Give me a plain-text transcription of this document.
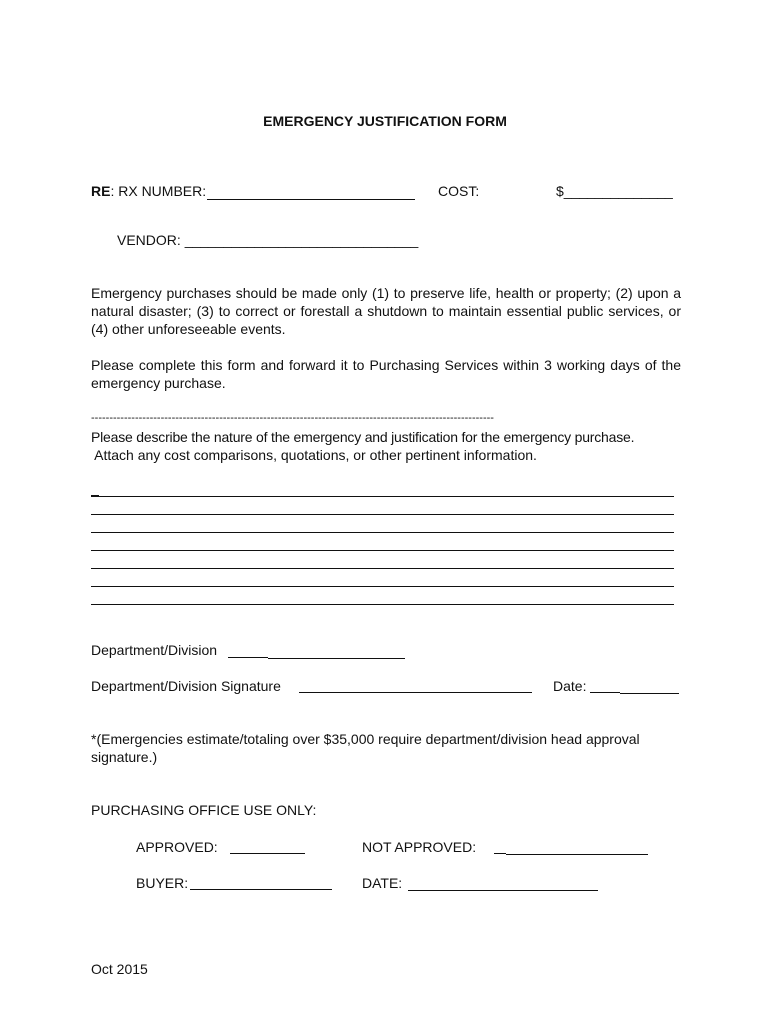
EMERGENCY JUSTIFICATION FORM
RE: RX NUMBER:	COST:	$______________
VENDOR: ______________________________
Emergency purchases should be made only (1) to preserve life, health or property; (2) upon a natural disaster; (3) to correct or forestall a shutdown to maintain essential public services, or (4) other unforeseeable events.
Please complete this form and forward it to Purchasing Services within 3 working days of the emergency purchase.
--------------------------------------------------------------------------------------------------------------
Please describe the nature of the emergency and justification for the emergency purchase.
Attach any cost comparisons, quotations, or other pertinent information.
Department/Division
Department/Division Signature	Date:
*(Emergencies estimate/totaling over $35,000 require department/division head approval signature.)
PURCHASING OFFICE USE ONLY:
APPROVED:	NOT APPROVED:
BUYER:	DATE:
Oct 2015
